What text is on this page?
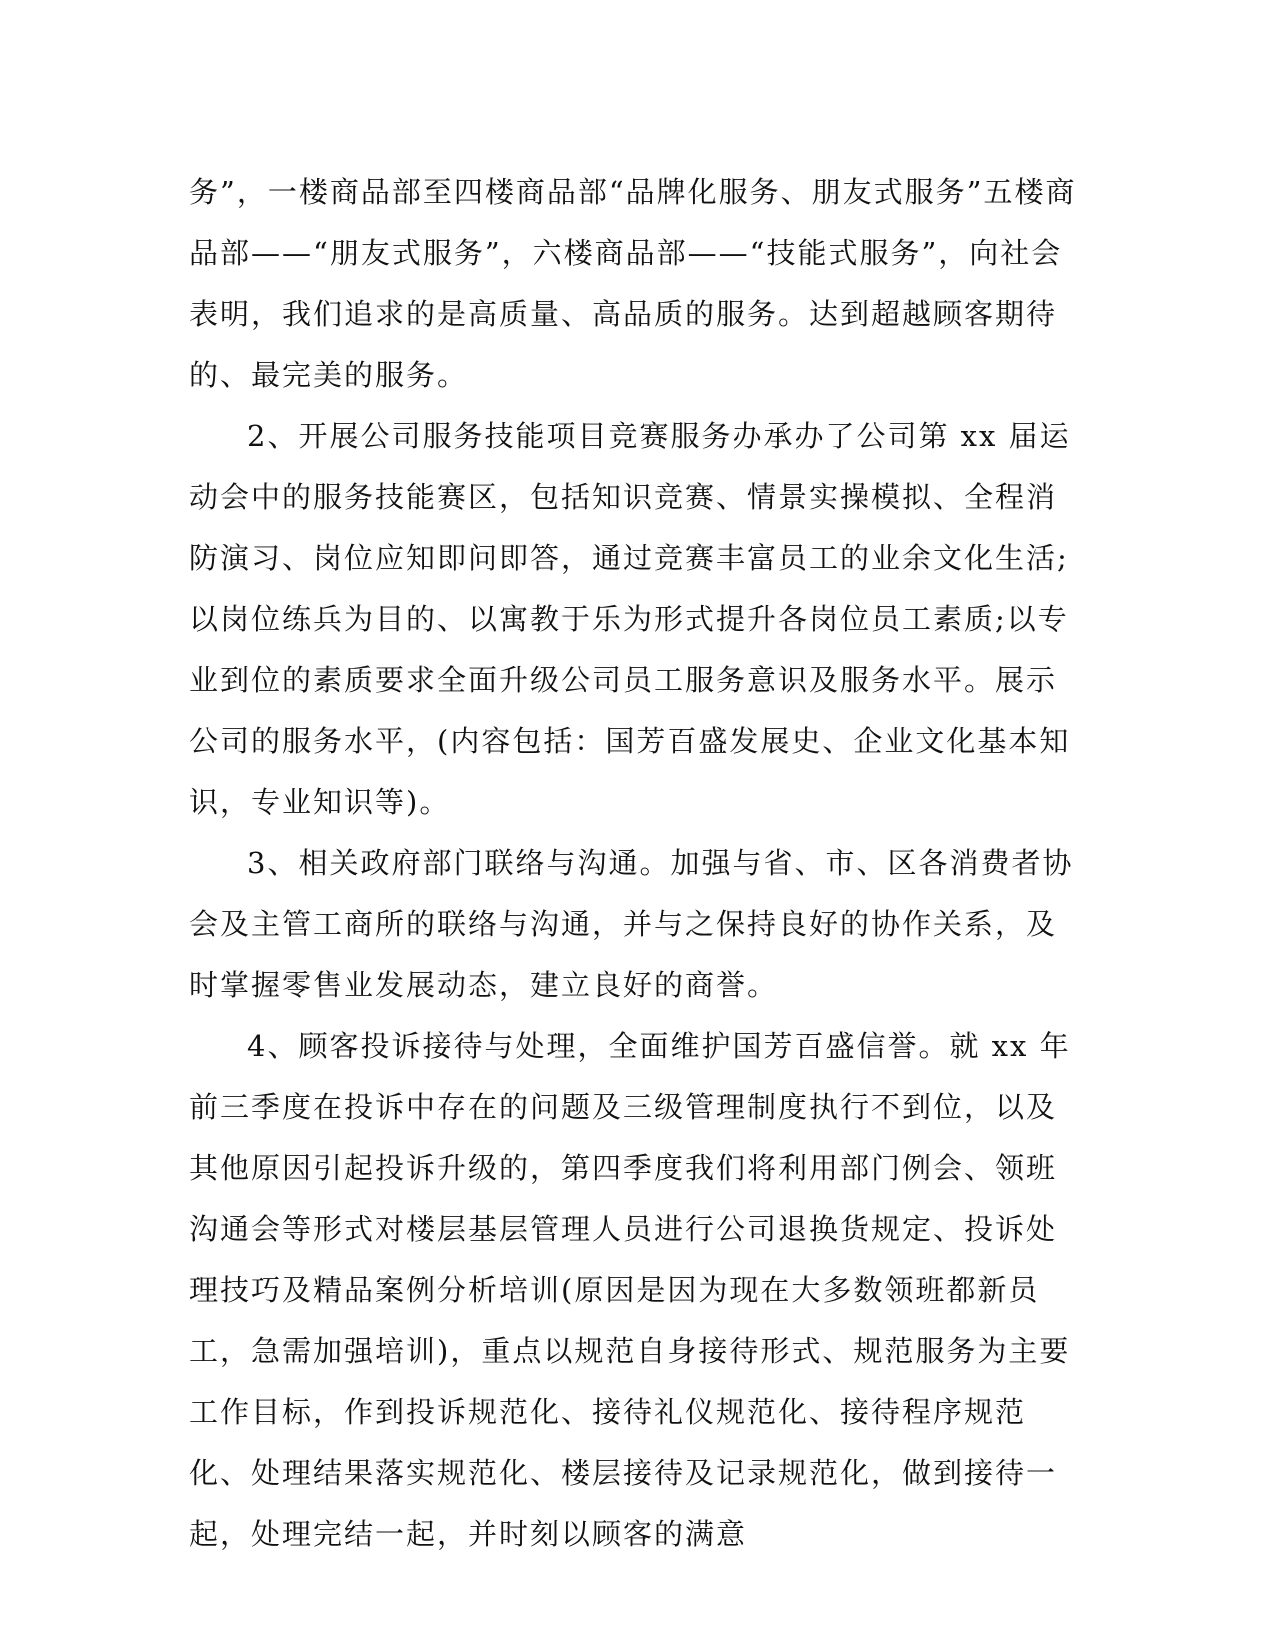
务”，一楼商品部至四楼商品部“品牌化服务、朋友式服务”五楼商品部——“朋友式服务”，六楼商品部——“技能式服务”，向社会表明，我们追求的是高质量、高品质的服务。达到超越顾客期待的、最完美的服务。

2、开展公司服务技能项目竞赛服务办承办了公司第 xx 届运动会中的服务技能赛区，包括知识竞赛、情景实操模拟、全程消防演习、岗位应知即问即答，通过竞赛丰富员工的业余文化生活;以岗位练兵为目的、以寓教于乐为形式提升各岗位员工素质;以专业到位的素质要求全面升级公司员工服务意识及服务水平。展示公司的服务水平，(内容包括：国芳百盛发展史、企业文化基本知识，专业知识等)。

3、相关政府部门联络与沟通。加强与省、市、区各消费者协会及主管工商所的联络与沟通，并与之保持良好的协作关系，及时掌握零售业发展动态，建立良好的商誉。

4、顾客投诉接待与处理，全面维护国芳百盛信誉。就 xx 年前三季度在投诉中存在的问题及三级管理制度执行不到位，以及其他原因引起投诉升级的，第四季度我们将利用部门例会、领班沟通会等形式对楼层基层管理人员进行公司退换货规定、投诉处理技巧及精品案例分析培训(原因是因为现在大多数领班都新员工，急需加强培训)，重点以规范自身接待形式、规范服务为主要工作目标，作到投诉规范化、接待礼仪规范化、接待程序规范化、处理结果落实规范化、楼层接待及记录规范化，做到接待一起，处理完结一起，并时刻以顾客的满意
